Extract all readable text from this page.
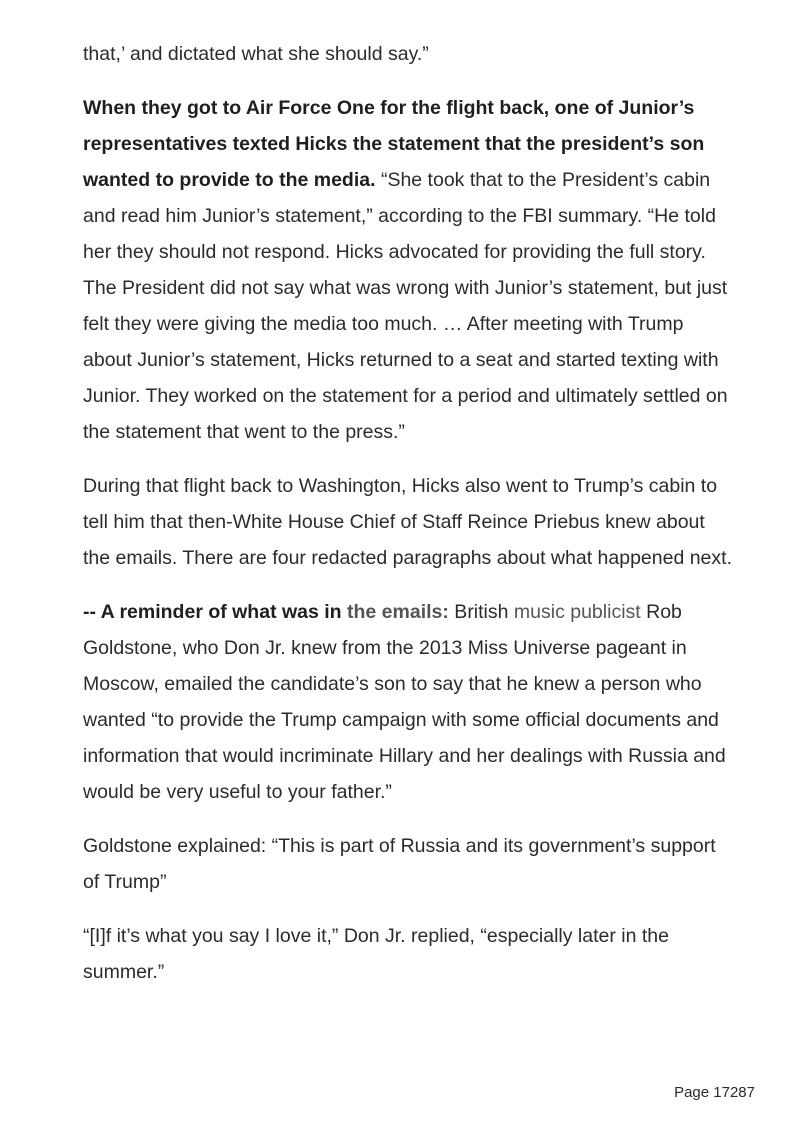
that,’ and dictated what she should say.”

When they got to Air Force One for the flight back, one of Junior’s representatives texted Hicks the statement that the president’s son wanted to provide to the media. “She took that to the President’s cabin and read him Junior’s statement,” according to the FBI summary. “He told her they should not respond. Hicks advocated for providing the full story. The President did not say what was wrong with Junior’s statement, but just felt they were giving the media too much. … After meeting with Trump about Junior’s statement, Hicks returned to a seat and started texting with Junior. They worked on the statement for a period and ultimately settled on the statement that went to the press.”

During that flight back to Washington, Hicks also went to Trump’s cabin to tell him that then-White House Chief of Staff Reince Priebus knew about the emails. There are four redacted paragraphs about what happened next.

-- A reminder of what was in the emails: British music publicist Rob Goldstone, who Don Jr. knew from the 2013 Miss Universe pageant in Moscow, emailed the candidate’s son to say that he knew a person who wanted “to provide the Trump campaign with some official documents and information that would incriminate Hillary and her dealings with Russia and would be very useful to your father.”

Goldstone explained: “This is part of Russia and its government’s support of Trump”

“[I]f it’s what you say I love it,” Don Jr. replied, “especially later in the summer.”

Page 17287
